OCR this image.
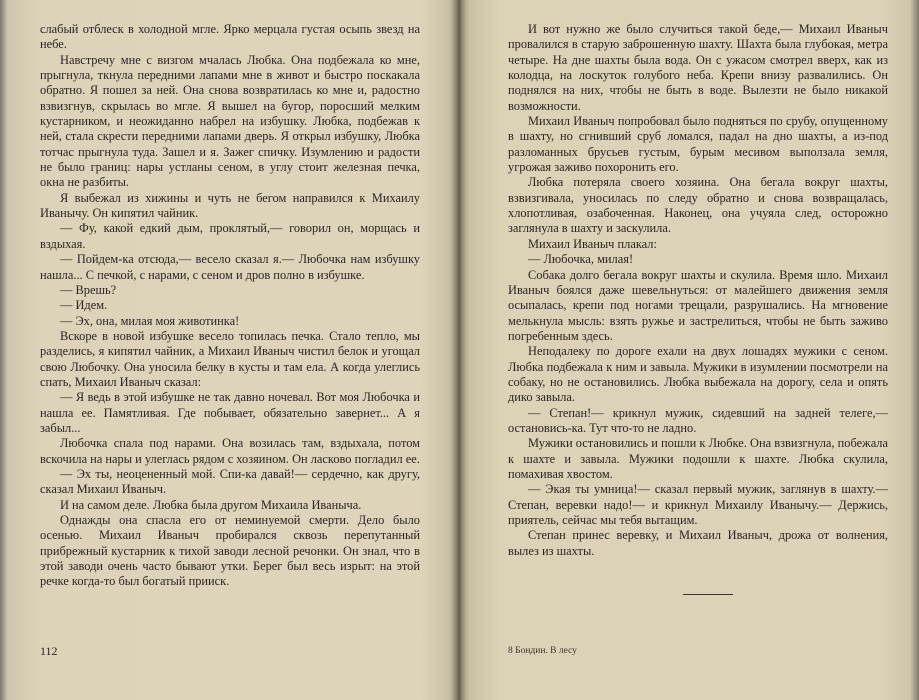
слабый отблеск в холодной мгле. Ярко мерцала густая осыпь звезд на небе.

Навстречу мне с визгом мчалась Любка. Она подбежала ко мне, прыгнула, ткнула передними лапами мне в живот и быстро поскакала обратно. Я пошел за ней. Она снова возвратилась ко мне и, радостно взвизгнув, скрылась во мгле. Я вышел на бугор, поросший мелким кустарником, и неожиданно набрел на избушку. Любка, подбежав к ней, стала скрести передними лапами дверь. Я открыл избушку, Любка тотчас прыгнула туда. Зашел и я. Зажег спичку. Изумлению и радости не было границ: нары устланы сеном, в углу стоит железная печка, окна не разбиты.

Я выбежал из хижины и чуть не бегом направился к Михаилу Иванычу. Он кипятил чайник.

— Фу, какой едкий дым, проклятый,— говорил он, морщась и вздыхая.

— Пойдем-ка отсюда,— весело сказал я.— Любочка нам избушку нашла... С печкой, с нарами, с сеном и дров полно в избушке.

— Врешь?

— Идем.

— Эх, она, милая моя животинка!

Вскоре в новой избушке весело топилась печка. Стало тепло, мы разделись, я кипятил чайник, а Михаил Иваныч чистил белок и угощал свою Любочку. Она уносила белку в кусты и там ела. А когда улеглись спать, Михаил Иваныч сказал:

— Я ведь в этой избушке не так давно ночевал. Вот моя Любочка и нашла ее. Памятливая. Где побывает, обязательно завернет... А я забыл...

Любочка спала под нарами. Она возилась там, вздыхала, потом вскочила на нары и улеглась рядом с хозяином. Он ласково погладил ее.

— Эх ты, неоцененный мой. Спи-ка давай!— сердечно, как другу, сказал Михаил Иваныч.

И на самом деле. Любка была другом Михаила Иваныча.

Однажды она спасла его от неминуемой смерти. Дело было осенью. Михаил Иваныч пробирался сквозь перепутанный прибрежный кустарник к тихой заводи лесной речонки. Он знал, что в этой заводи очень часто бывают утки. Берег был весь изрыт: на этой речке когда-то был богатый прииск.

112

И вот нужно же было случиться такой беде,— Михаил Иваныч провалился в старую заброшенную шахту. Шахта была глубокая, метра четыре. На дне шахты была вода. Он с ужасом смотрел вверх, как из колодца, на лоскуток голубого неба. Крепи внизу развалились. Он поднялся на них, чтобы не быть в воде. Вылезти не было никакой возможности.

Михаил Иваныч попробовал было подняться по срубу, опущенному в шахту, но сгнивший сруб ломался, падал на дно шахты, а из-под разломанных брусьев густым, бурым месивом выползала земля, угрожая заживо похоронить его.

Любка потеряла своего хозяина. Она бегала вокруг шахты, взвизгивала, уносилась по следу обратно и снова возвращалась, хлопотливая, озабоченная. Наконец, она учуяла след, осторожно заглянула в шахту и заскулила.

Михаил Иваныч плакал:

— Любочка, милая!

Собака долго бегала вокруг шахты и скулила. Время шло. Михаил Иваныч боялся даже шевельнуться: от малейшего движения земля осыпалась, крепи под ногами трещали, разрушались. На мгновение мелькнула мысль: взять ружье и застрелиться, чтобы не быть заживо погребенным здесь.

Неподалеку по дороге ехали на двух лошадях мужики с сеном. Любка подбежала к ним и завыла. Мужики в изумлении посмотрели на собаку, но не остановились. Любка выбежала на дорогу, села и опять дико завыла.

— Степан!— крикнул мужик, сидевший на задней телеге,— остановись-ка. Тут что-то не ладно.

Мужики остановились и пошли к Любке. Она взвизгнула, побежала к шахте и завыла. Мужики подошли к шахте. Любка скулила, помахивая хвостом.

— Экая ты умница!— сказал первый мужик, заглянув в шахту.— Степан, веревки надо!— и крикнул Михаилу Иванычу.— Держись, приятель, сейчас мы тебя вытащим.

Степан принес веревку, и Михаил Иваныч, дрожа от волнения, вылез из шахты.

8 Бондин. В лесу
